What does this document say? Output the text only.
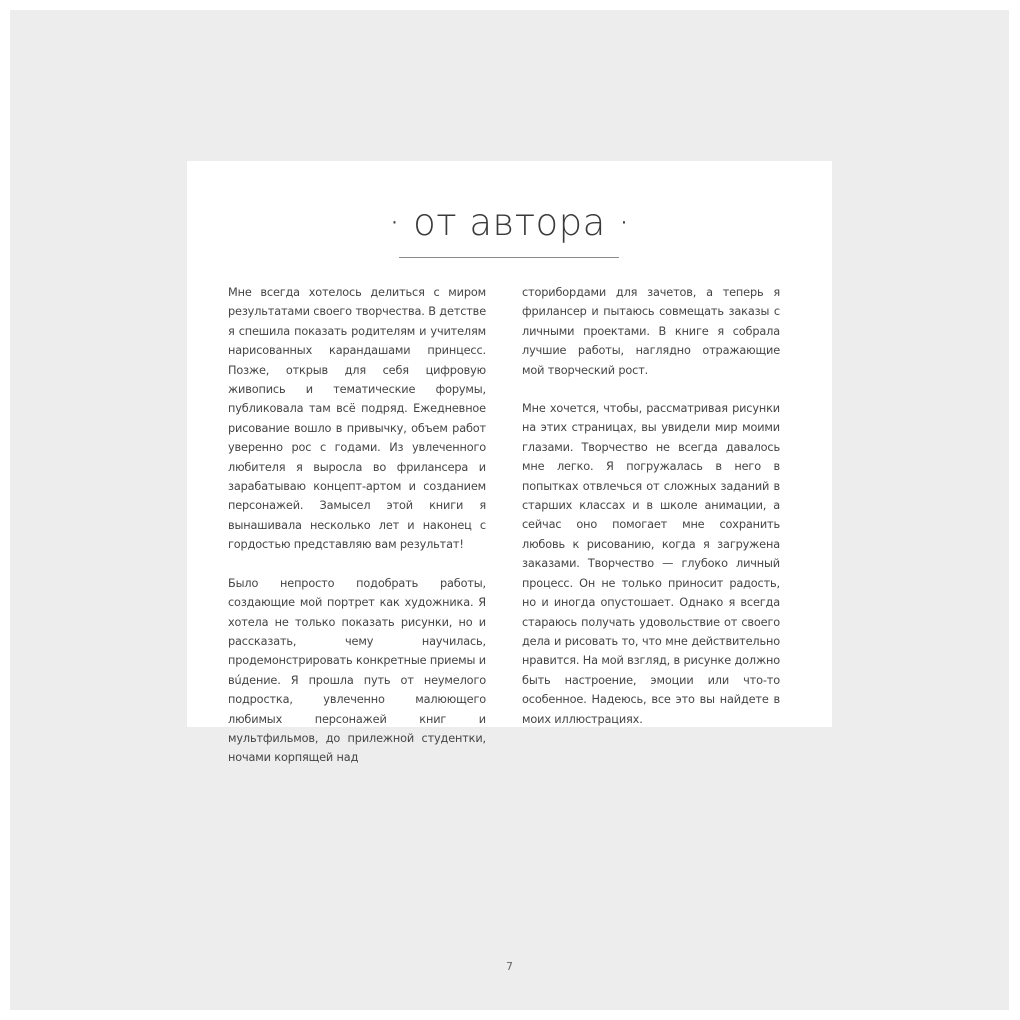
· от автора ·

Мне всегда хотелось делиться с миром результатами своего творчества. В детстве я спешила показать родителям и учителям нарисованных карандашами принцесс. Позже, открыв для себя цифровую живопись и тематические форумы, публиковала там всё подряд. Ежедневное рисование вошло в привычку, объем работ уверенно рос с годами. Из увлеченного любителя я выросла во фрилансера и зарабатываю концепт-артом и созданием персонажей. Замысел этой книги я вынашивала несколько лет и наконец с гордостью представляю вам результат!

Было непросто подобрать работы, создающие мой портрет как художника. Я хотела не только показать рисунки, но и рассказать, чему научилась, продемонстрировать конкретные приемы и вúдение. Я прошла путь от неумелого подростка, увлеченно малюющего любимых персонажей книг и мультфильмов, до прилежной студентки, ночами корпящей над

сторибордами для зачетов, а теперь я фрилансер и пытаюсь совмещать заказы с личными проектами. В книге я собрала лучшие работы, наглядно отражающие мой творческий рост.

Мне хочется, чтобы, рассматривая рисунки на этих страницах, вы увидели мир моими глазами. Творчество не всегда давалось мне легко. Я погружалась в него в попытках отвлечься от сложных заданий в старших классах и в школе анимации, а сейчас оно помогает мне сохранить любовь к рисованию, когда я загружена заказами. Творчество — глубоко личный процесс. Он не только приносит радость, но и иногда опустошает. Однако я всегда стараюсь получать удовольствие от своего дела и рисовать то, что мне действительно нравится. На мой взгляд, в рисунке должно быть настроение, эмоции или что-то особенное. Надеюсь, все это вы найдете в моих иллюстрациях.

7
